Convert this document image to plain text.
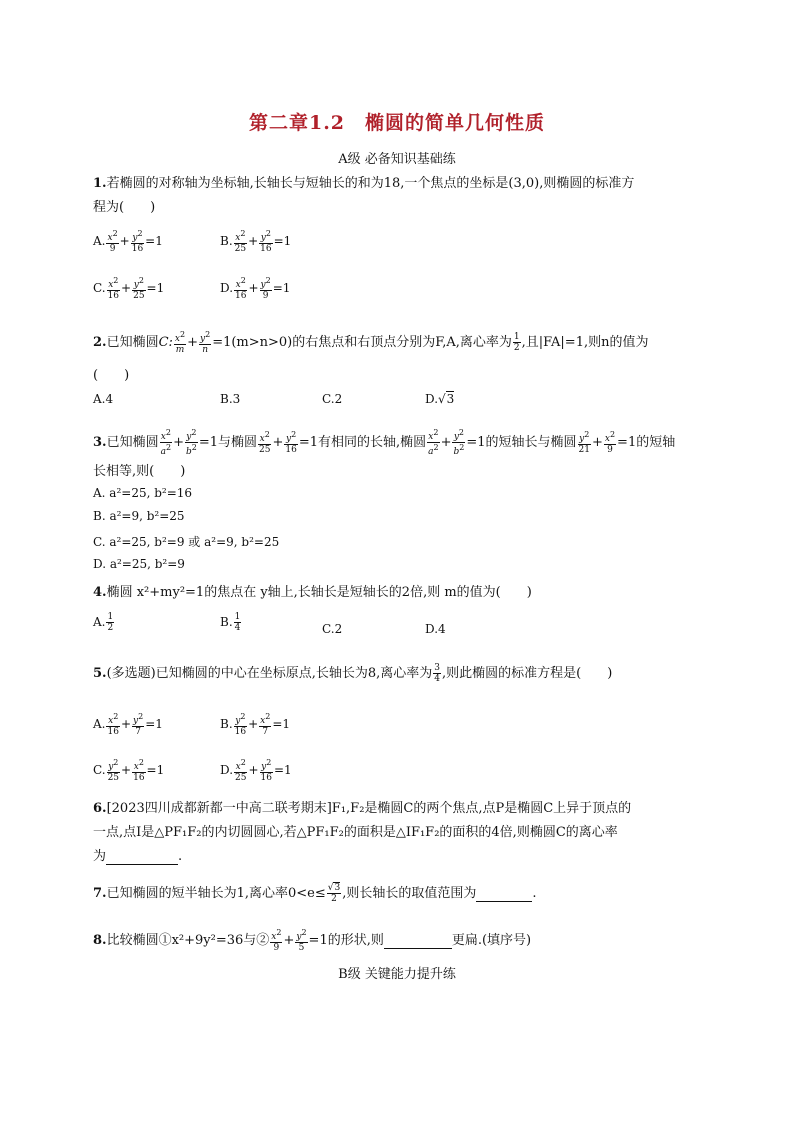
第二章1.2　椭圆的简单几何性质
A级 必备知识基础练
1.若椭圆的对称轴为坐标轴,长轴长与短轴长的和为18,一个焦点的坐标是(3,0),则椭圆的标准方
程为(　　)
A. $\frac{x^2}{9} + \frac{y^2}{16} =1$	B. $\frac{x^2}{25} + \frac{y^2}{16} =1$
C. $\frac{x^2}{16} + \frac{y^2}{25} =1$	D. $\frac{x^2}{16} + \frac{y^2}{9} =1$
2.已知椭圆C: $\frac{x^2}{m} + \frac{y^2}{n} =1(m>n>0)$的右焦点和右顶点分别为F,A,离心率为 $\frac{1}{2}$ ,且|FA|=1,则n的值为
(　　)
A.4	B.3	C.2	D.√3
3.已知椭圆 $\frac{x^2}{a^2} + \frac{y^2}{b^2} =1$与椭圆 $\frac{x^2}{25} + \frac{y^2}{16} =1$有相同的长轴,椭圆 $\frac{x^2}{a^2} + \frac{y^2}{b^2} =1$的短轴长与椭圆 $\frac{y^2}{21} + \frac{x^2}{9} =1$的短轴
长相等,则(　　)
A. a²=25, b²=16
B. a²=9, b²=25
C. a²=25, b²=9 或 a²=9, b²=25
D. a²=25, b²=9
4.椭圆 x²+my²=1的焦点在 y轴上,长轴长是短轴长的2倍,则 m的值为(　　)
A. $\frac{1}{2}$	B. $\frac{1}{4}$	C.2	D.4
5.(多选题)已知椭圆的中心在坐标原点,长轴长为8,离心率为 $\frac{3}{4}$ ,则此椭圆的标准方程是(　　)
A. $\frac{x^2}{16} + \frac{y^2}{7} =1$	B. $\frac{y^2}{16} + \frac{x^2}{7} =1$
C. $\frac{y^2}{25} + \frac{x^2}{16} =1$	D. $\frac{x^2}{25} + \frac{y^2}{16} =1$
6.[2023四川成都新都一中高二联考期末]F₁,F₂是椭圆C的两个焦点,点P是椭圆C上异于顶点的
一点,点I是△PF₁F₂的内切圆圆心,若△PF₁F₂的面积是△IF₁F₂的面积的4倍,则椭圆C的离心率
为	.
7.已知椭圆的短半轴长为1,离心率$0<e\le \frac{√3}{2}$ ,则长轴长的取值范围为	.
8.比较椭圆①x²+9y²=36与② $\frac{x^2}{9} + \frac{y^2}{5} =1$的形状,则	更扁.(填序号)
B级 关键能力提升练
